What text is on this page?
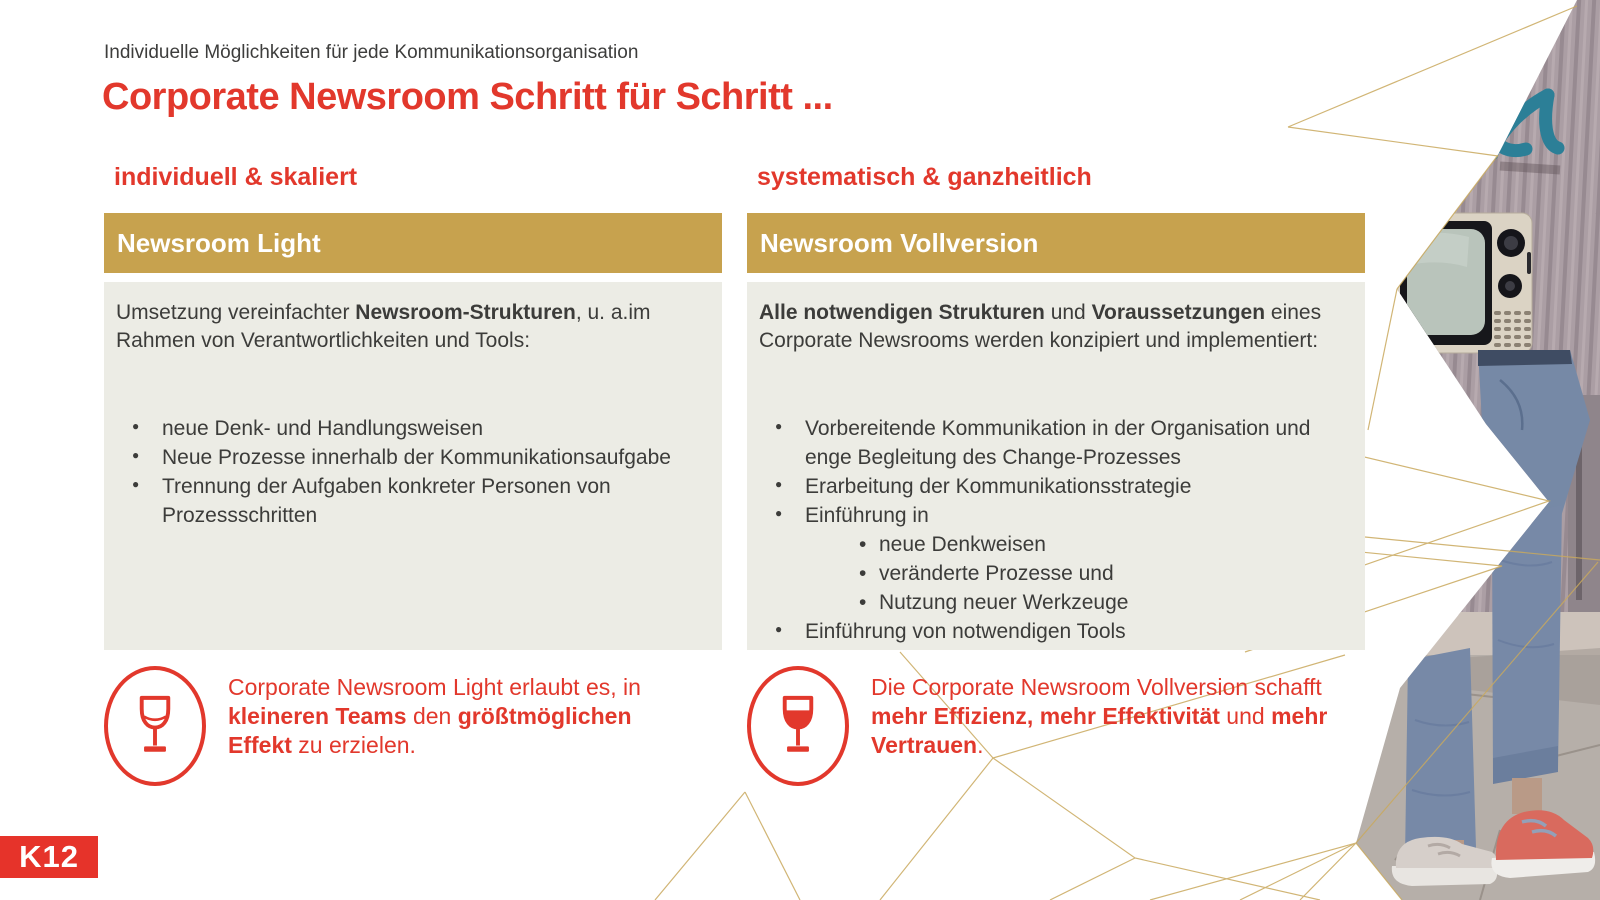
Individuelle Möglichkeiten für jede Kommunikationsorganisation
Corporate Newsroom Schritt für Schritt ...
individuell & skaliert
Newsroom Light
Umsetzung vereinfachter Newsroom-Strukturen, u. a.im Rahmen von Verantwortlichkeiten und Tools:
● neue Denk- und Handlungsweisen
● Neue Prozesse innerhalb der Kommunikationsaufgabe
● Trennung der Aufgaben konkreter Personen von Prozessschritten
Corporate Newsroom Light erlaubt es, in kleineren Teams den größtmöglichen Effekt zu erzielen.
systematisch & ganzheitlich
Newsroom Vollversion
Alle notwendigen Strukturen und Voraussetzungen eines Corporate Newsrooms werden konzipiert und implementiert:
● Vorbereitende Kommunikation in der Organisation und enge Begleitung des Change-Prozesses
● Erarbeitung der Kommunikationsstrategie
● Einführung in
• neue Denkweisen
• veränderte Prozesse und
• Nutzung neuer Werkzeuge
● Einführung von notwendigen Tools
Die Corporate Newsroom Vollversion schafft mehr Effizienz, mehr Effektivität und mehr Vertrauen.
K12
